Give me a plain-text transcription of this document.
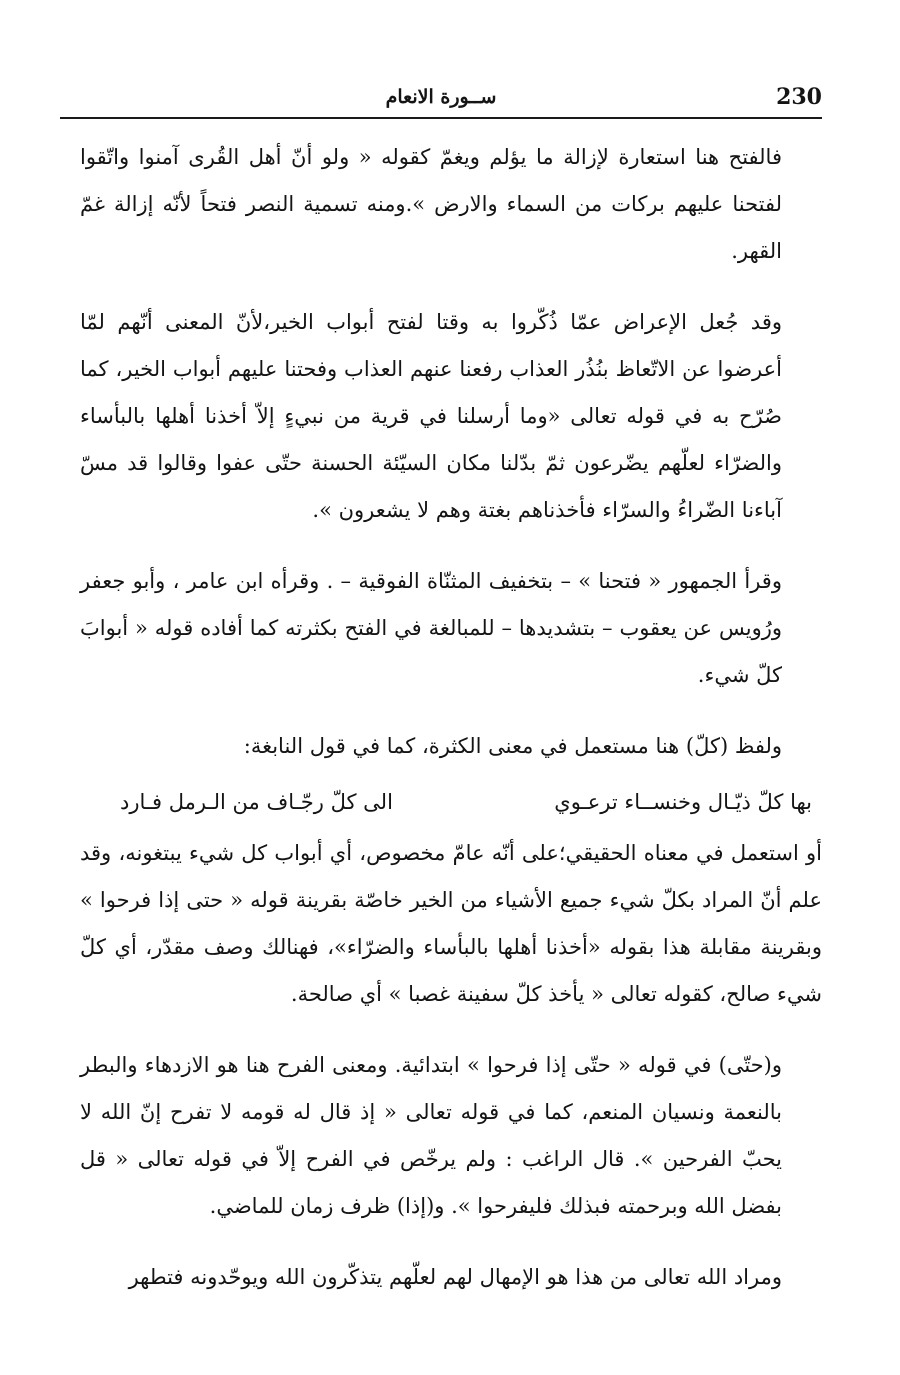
ســورة الانعام	230

فالفتح هنا استعارة لإزالة ما يؤلم ويغمّ كقوله « ولو أنّ أهل القُرى آمنوا واتّقوا لفتحنا عليهم بركات من السماء والارض ».ومنه تسمية النصر فتحاً لأنّه إزالة غمّ القهر.

وقد جُعل الإعراض عمّا ذُكّروا به وقتا لفتح أبواب الخير،لأنّ المعنى أنّهم لمّا أعرضوا عن الاتّعاظ بنُذُر العذاب رفعنا عنهم العذاب وفحتنا عليهم أبواب الخير، كما صُرّح به في قوله تعالى «وما أرسلنا في قرية من نبيءٍ إلاّ أخذنا أهلها بالبأساء والضرّاء لعلّهم يضّرعون ثمّ بدّلنا مكان السيّئة الحسنة حتّى عفوا وقالوا قد مسّ آباءنا الضّراءُ والسرّاء فأخذناهم بغتة وهم لا يشعرون ».

وقرأ الجمهور « فتحنا » – بتخفيف المثنّاة الفوقية – . وقرأه ابن عامر ، وأبو جعفر ورُويس عن يعقوب – بتشديدها – للمبالغة في الفتح بكثرته كما أفاده قوله « أبوابَ كلّ شيء.

ولفظ (كلّ) هنا مستعمل في معنى الكثرة، كما في قول النابغة:

بها كلّ ذيّـال وخنســاء ترعـوي
الى كلّ رجّـاف من الـرمل فـارد

أو استعمل في معناه الحقيقي؛على أنّه عامّ مخصوص، أي أبواب كل شيء يبتغونه، وقد علم أنّ المراد بكلّ شيء جميع الأشياء من الخير خاصّة بقرينة قوله « حتى إذا فرحوا » وبقرينة مقابلة هذا بقوله «أخذنا أهلها بالبأساء والضرّاء»، فهنالك وصف مقدّر، أي كلّ شيء صالح، كقوله تعالى « يأخذ كلّ سفينة غصبا » أي صالحة.

و(حتّى) في قوله « حتّى إذا فرحوا » ابتدائية. ومعنى الفرح هنا هو الازدهاء والبطر بالنعمة ونسيان المنعم، كما في قوله تعالى « إذ قال له قومه لا تفرح إنّ الله لا يحبّ الفرحين ». قال الراغب : ولم يرخّص في الفرح إلاّ في قوله تعالى « قل بفضل الله وبرحمته فبذلك فليفرحوا ». و(إذا) ظرف زمان للماضي.

ومراد الله تعالى من هذا هو الإمهال لهم لعلّهم يتذكّرون الله ويوحّدونه فتطهر
